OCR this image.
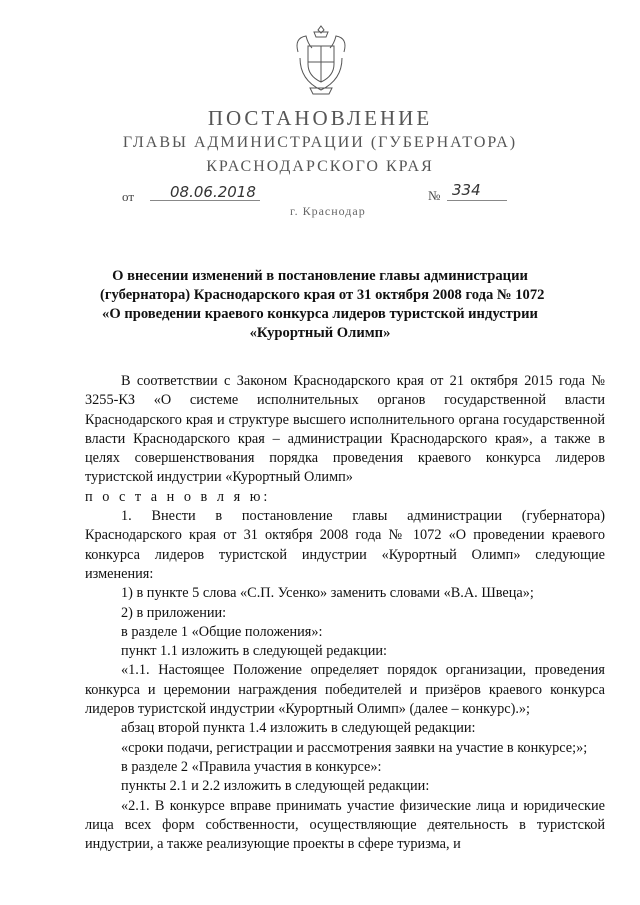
ПОСТАНОВЛЕНИЕ
ГЛАВЫ АДМИНИСТРАЦИИ (ГУБЕРНАТОРА)
КРАСНОДАРСКОГО КРАЯ
от 08.06.2018	№ 334
г. Краснодар
О внесении изменений в постановление главы администрации
(губернатора) Краснодарского края от 31 октября 2008 года № 1072
«О проведении краевого конкурса лидеров туристской индустрии
«Курортный Олимп»

В соответствии с Законом Краснодарского края от 21 октября 2015 года № 3255-КЗ «О системе исполнительных органов государственной власти Краснодарского края и структуре высшего исполнительного органа государственной власти Краснодарского края – администрации Краснодарского края», а также в целях совершенствования порядка проведения краевого конкурса лидеров туристской индустрии «Курортный Олимп»

п о с т а н о в л я ю:

1. Внести в постановление главы администрации (губернатора) Краснодарского края от 31 октября 2008 года № 1072 «О проведении краевого конкурса лидеров туристской индустрии «Курортный Олимп» следующие изменения:

1) в пункте 5 слова «С.П. Усенко» заменить словами «В.А. Швеца»;

2) в приложении:

в разделе 1 «Общие положения»:

пункт 1.1 изложить в следующей редакции:

«1.1. Настоящее Положение определяет порядок организации, проведения конкурса и церемонии награждения победителей и призёров краевого конкурса лидеров туристской индустрии «Курортный Олимп» (далее – конкурс).»;

абзац второй пункта 1.4 изложить в следующей редакции:

«сроки подачи, регистрации и рассмотрения заявки на участие в конкурсе;»;

в разделе 2 «Правила участия в конкурсе»:

пункты 2.1 и 2.2 изложить в следующей редакции:

«2.1. В конкурсе вправе принимать участие физические лица и юридические лица всех форм собственности, осуществляющие деятельность в туристской индустрии, а также реализующие проекты в сфере туризма, и
